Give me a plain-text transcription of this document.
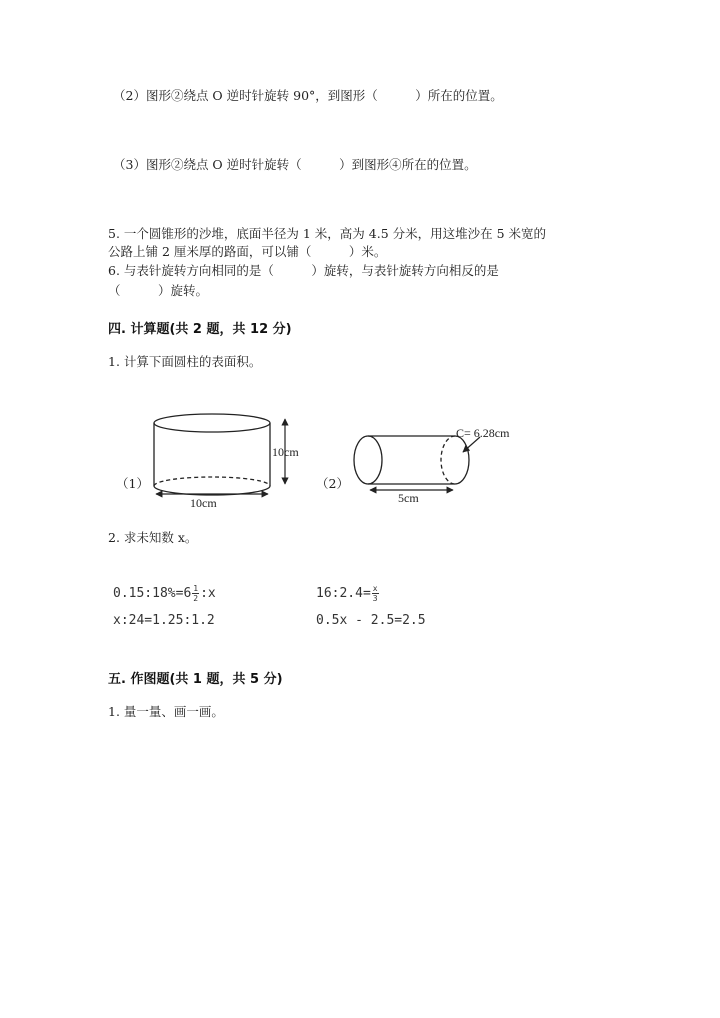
（2）图形②绕点 O 逆时针旋转 90°，到图形（　　　）所在的位置。
（3）图形②绕点 O 逆时针旋转（　　　）到图形④所在的位置。
5. 一个圆锥形的沙堆，底面半径为 1 米，高为 4.5 分米，用这堆沙在 5 米宽的
公路上铺 2 厘米厚的路面，可以铺（　　　）米。
6. 与表针旋转方向相同的是（　　　）旋转，与表针旋转方向相反的是
（　　　）旋转。
四. 计算题(共 2 题，共 12 分)
1. 计算下面圆柱的表面积。
10cm
10cm
C= 6.28cm
5cm
（1）	（2）
2. 求未知数 x。
0.15:18%=6 $\frac{1}{2}$ :x	16:2.4= $\frac{x}{3}$
x:24=1.25:1.2	0.5x - 2.5=2.5
五. 作图题(共 1 题，共 5 分)
1. 量一量、画一画。
